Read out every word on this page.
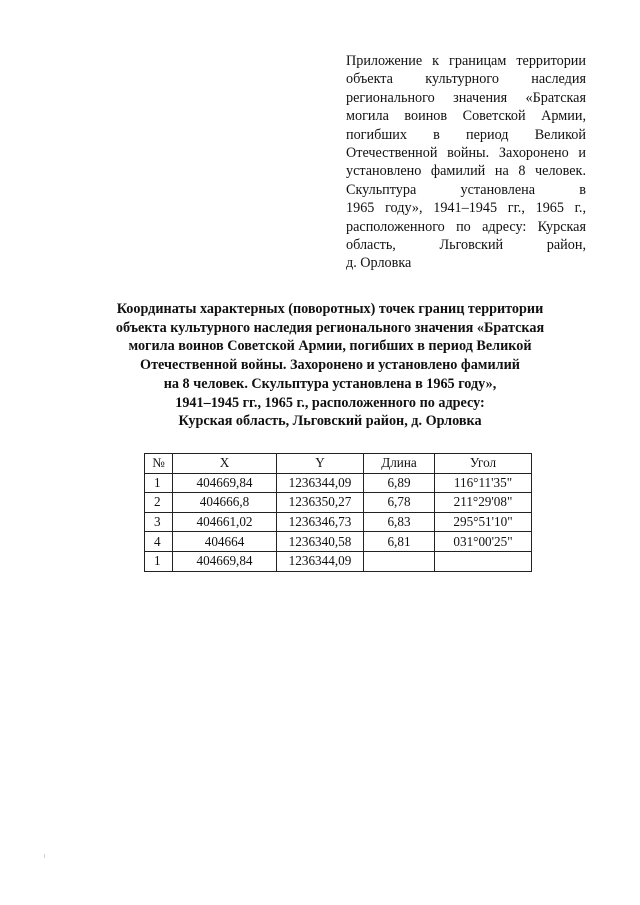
Приложение к границам территории
объекта культурного наследия
регионального значения «Братская
могила воинов Советской Армии,
погибших в период Великой
Отечественной войны. Захоронено и
установлено фамилий на 8 человек.
Скульптура установлена в
1965 году», 1941–1945 гг., 1965 г.,
расположенного по адресу: Курская
область, Льговский район,
д. Орловка
Координаты характерных (поворотных) точек границ территории
объекта культурного наследия регионального значения «Братская
могила воинов Советской Армии, погибших в период Великой
Отечественной войны. Захоронено и установлено фамилий
на 8 человек. Скульптура установлена в 1965 году»,
1941–1945 гг., 1965 г., расположенного по адресу:
Курская область, Льговский район, д. Орловка
№	X	Y	Длина	Угол
1	404669,84	1236344,09	6,89	116°11'35"
2	404666,8	1236350,27	6,78	211°29'08"
3	404661,02	1236346,73	6,83	295°51'10"
4	404664	1236340,58	6,81	031°00'25"
1	404669,84	1236344,09		
